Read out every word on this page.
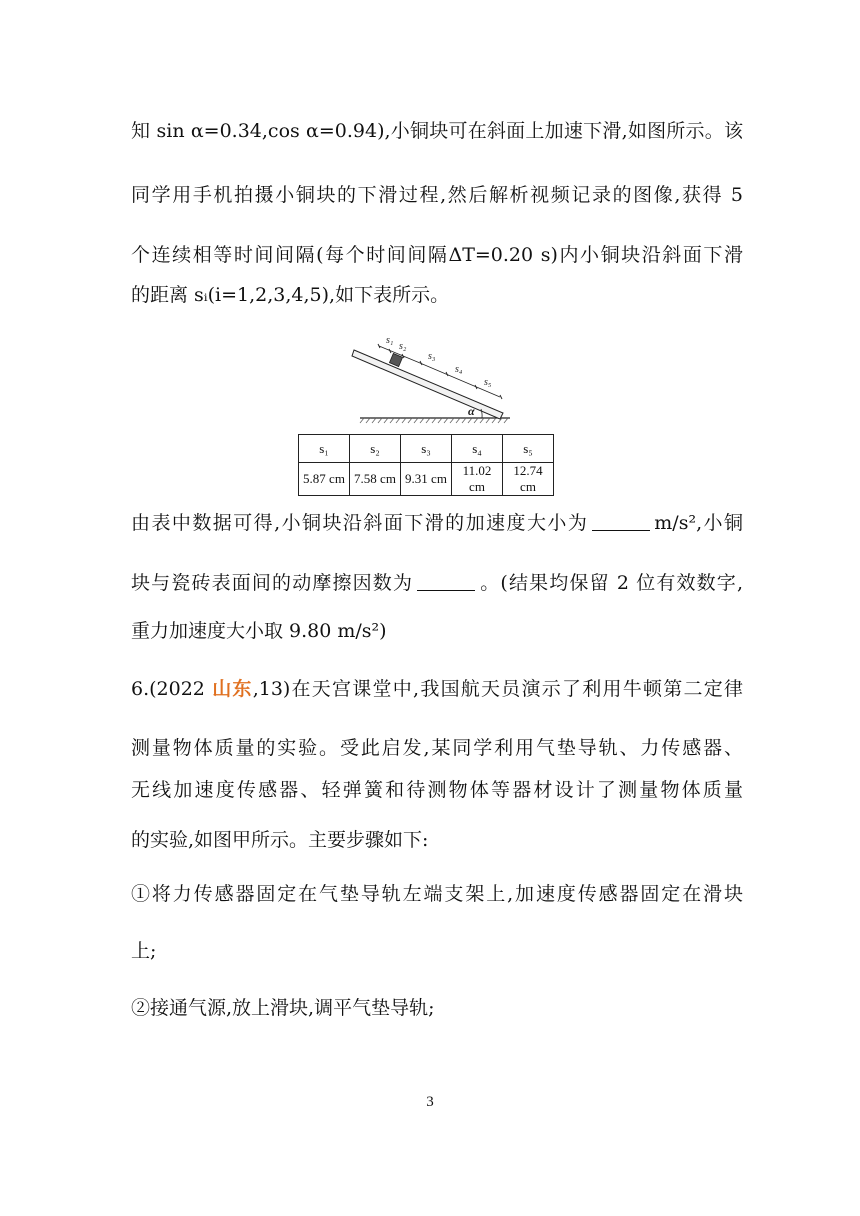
知 sin α=0.34,cos α=0.94),小铜块可在斜面上加速下滑,如图所示。该
同学用手机拍摄小铜块的下滑过程,然后解析视频记录的图像,获得 5
个连续相等时间间隔(每个时间间隔ΔT=0.20 s)内小铜块沿斜面下滑
的距离 sᵢ(i=1,2,3,4,5),如下表所示。
s₁
s₂
s₃
s₄
s₅
α
s₁	s₂	s₃	s₄	s₅
5.87 cm	7.58 cm	9.31 cm	11.02 cm	12.74 cm
由表中数据可得,小铜块沿斜面下滑的加速度大小为	m/s²,小铜
块与瓷砖表面间的动摩擦因数为	。(结果均保留 2 位有效数字,
重力加速度大小取 9.80 m/s²)
6.(2022 山东,13)在天宫课堂中,我国航天员演示了利用牛顿第二定律
测量物体质量的实验。受此启发,某同学利用气垫导轨、力传感器、
无线加速度传感器、轻弹簧和待测物体等器材设计了测量物体质量
的实验,如图甲所示。主要步骤如下:
①将力传感器固定在气垫导轨左端支架上,加速度传感器固定在滑块
上;
②接通气源,放上滑块,调平气垫导轨;
3
